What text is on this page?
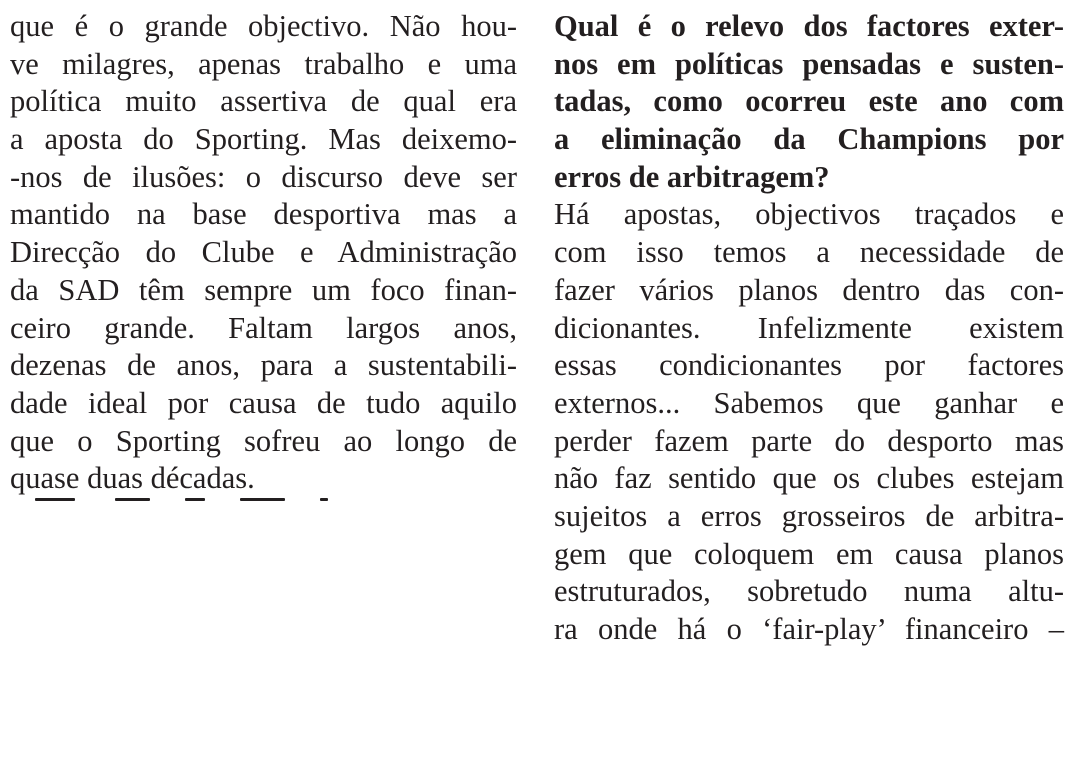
que é o grande objectivo. Não hou-
ve milagres, apenas trabalho e uma
política muito assertiva de qual era
a aposta do Sporting. Mas deixemo-
-nos de ilusões: o discurso deve ser
mantido na base desportiva mas a
Direcção do Clube e Administração
da SAD têm sempre um foco finan-
ceiro grande. Faltam largos anos,
dezenas de anos, para a sustentabili-
dade ideal por causa de tudo aquilo
que o Sporting sofreu ao longo de
quase duas décadas.
Qual é o relevo dos factores exter-
nos em políticas pensadas e susten-
tadas, como ocorreu este ano com
a eliminação da Champions por
erros de arbitragem?
Há apostas, objectivos traçados e
com isso temos a necessidade de
fazer vários planos dentro das con-
dicionantes. Infelizmente existem
essas condicionantes por factores
externos... Sabemos que ganhar e
perder fazem parte do desporto mas
não faz sentido que os clubes estejam
sujeitos a erros grosseiros de arbitra-
gem que coloquem em causa planos
estruturados, sobretudo numa altu-
ra onde há o ‘fair-play’ financeiro –
